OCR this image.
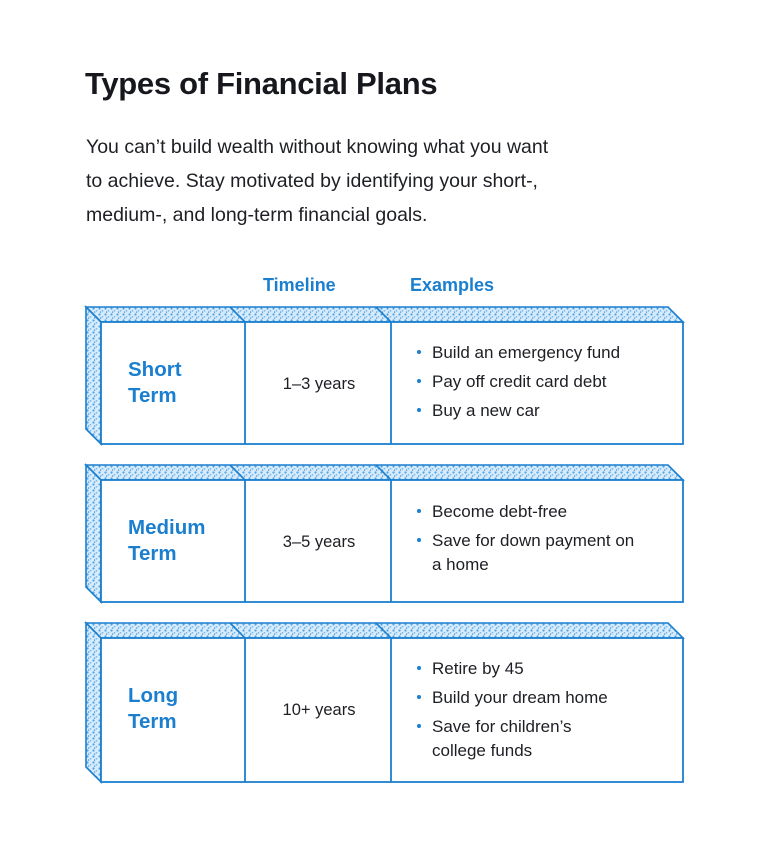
Types of Financial Plans

You can’t build wealth without knowing what you want
to achieve. Stay motivated by identifying your short-,
medium-, and long-term financial goals.

Timeline	Examples

Short
Term	1–3 years
Build an emergency fund
Pay off credit card debt
Buy a new car

Medium
Term	3–5 years
Become debt-free
Save for down payment on a home

Long
Term	10+ years
Retire by 45
Build your dream home
Save for children’s college funds
